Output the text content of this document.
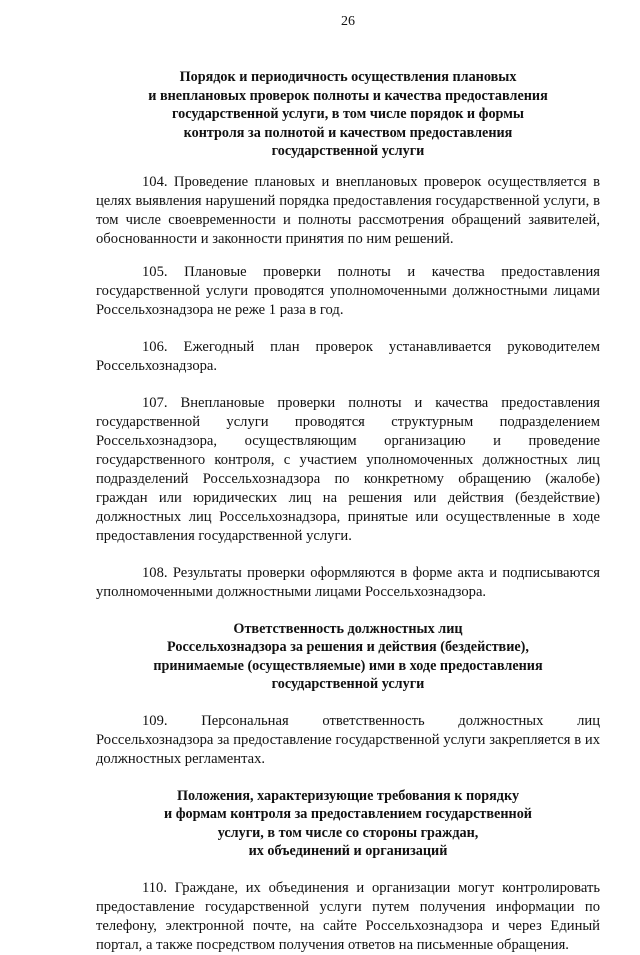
26
Порядок и периодичность осуществления плановых
и внеплановых проверок полноты и качества предоставления
государственной услуги, в том числе порядок и формы
контроля за полнотой и качеством предоставления
государственной услуги

104. Проведение плановых и внеплановых проверок осуществляется в целях выявления нарушений порядка предоставления государственной услуги, в том числе своевременности и полноты рассмотрения обращений заявителей, обоснованности и законности принятия по ним решений.

105. Плановые проверки полноты и качества предоставления государственной услуги проводятся уполномоченными должностными лицами Россельхознадзора не реже 1 раза в год.

106. Ежегодный план проверок устанавливается руководителем Россельхознадзора.

107. Внеплановые проверки полноты и качества предоставления государственной услуги проводятся структурным подразделением Россельхознадзора, осуществляющим организацию и проведение государственного контроля, с участием уполномоченных должностных лиц подразделений Россельхознадзора по конкретному обращению (жалобе) граждан или юридических лиц на решения или действия (бездействие) должностных лиц Россельхознадзора, принятые или осуществленные в ходе предоставления государственной услуги.

108. Результаты проверки оформляются в форме акта и подписываются уполномоченными должностными лицами Россельхознадзора.

Ответственность должностных лиц
Россельхознадзора за решения и действия (бездействие),
принимаемые (осуществляемые) ими в ходе предоставления
государственной услуги

109. Персональная ответственность должностных лиц Россельхознадзора за предоставление государственной услуги закрепляется в их должностных регламентах.

Положения, характеризующие требования к порядку
и формам контроля за предоставлением государственной
услуги, в том числе со стороны граждан,
их объединений и организаций

110. Граждане, их объединения и организации могут контролировать предоставление государственной услуги путем получения информации по телефону, электронной почте, на сайте Россельхознадзора и через Единый портал, а также посредством получения ответов на письменные обращения.
